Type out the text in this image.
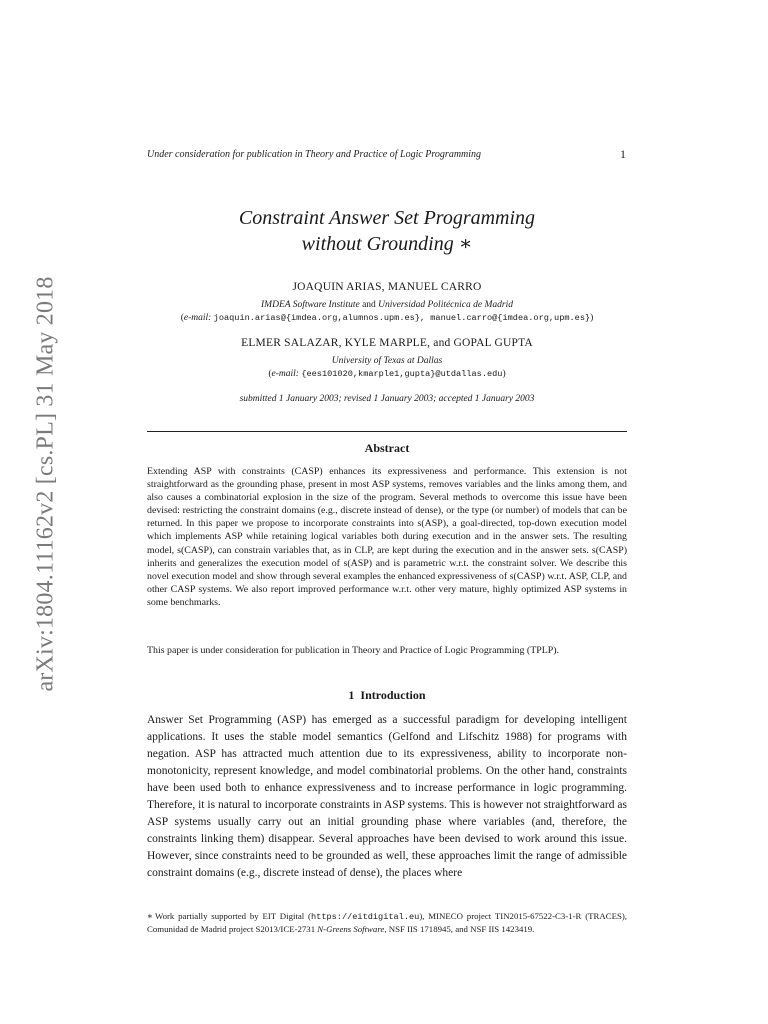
arXiv:1804.11162v2 [cs.PL] 31 May 2018
Under consideration for publication in Theory and Practice of Logic Programming	1
Constraint Answer Set Programming
without Grounding ∗
JOAQUIN ARIAS, MANUEL CARRO
IMDEA Software Institute and Universidad Politécnica de Madrid
(e-mail: joaquin.arias@{imdea.org,alumnos.upm.es}, manuel.carro@{imdea.org,upm.es})
ELMER SALAZAR, KYLE MARPLE, and GOPAL GUPTA
University of Texas at Dallas
(e-mail: {ees101020,kmarple1,gupta}@utdallas.edu)
submitted 1 January 2003; revised 1 January 2003; accepted 1 January 2003
Abstract

Extending ASP with constraints (CASP) enhances its expressiveness and performance. This extension is not straightforward as the grounding phase, present in most ASP systems, removes variables and the links among them, and also causes a combinatorial explosion in the size of the program. Several methods to overcome this issue have been devised: restricting the constraint domains (e.g., discrete instead of dense), or the type (or number) of models that can be returned. In this paper we propose to incorporate constraints into s(ASP), a goal-directed, top-down execution model which implements ASP while retaining logical variables both during execution and in the answer sets. The resulting model, s(CASP), can constrain variables that, as in CLP, are kept during the execution and in the answer sets. s(CASP) inherits and generalizes the execution model of s(ASP) and is parametric w.r.t. the constraint solver. We describe this novel execution model and show through several examples the enhanced expressiveness of s(CASP) w.r.t. ASP, CLP, and other CASP systems. We also report improved performance w.r.t. other very mature, highly optimized ASP systems in some benchmarks.

This paper is under consideration for publication in Theory and Practice of Logic Programming (TPLP).

1 Introduction

Answer Set Programming (ASP) has emerged as a successful paradigm for developing intelligent applications. It uses the stable model semantics (Gelfond and Lifschitz 1988) for programs with negation. ASP has attracted much attention due to its expressiveness, ability to incorporate non-monotonicity, represent knowledge, and model combinatorial problems. On the other hand, constraints have been used both to enhance expressiveness and to increase performance in logic programming. Therefore, it is natural to incorporate constraints in ASP systems. This is however not straightforward as ASP systems usually carry out an initial grounding phase where variables (and, therefore, the constraints linking them) disappear. Several approaches have been devised to work around this issue. However, since constraints need to be grounded as well, these approaches limit the range of admissible constraint domains (e.g., discrete instead of dense), the places where

∗ Work partially supported by EIT Digital (https://eitdigital.eu), MINECO project TIN2015-67522-C3-1-R (TRACES), Comunidad de Madrid project S2013/ICE-2731 N-Greens Software, NSF IIS 1718945, and NSF IIS 1423419.
